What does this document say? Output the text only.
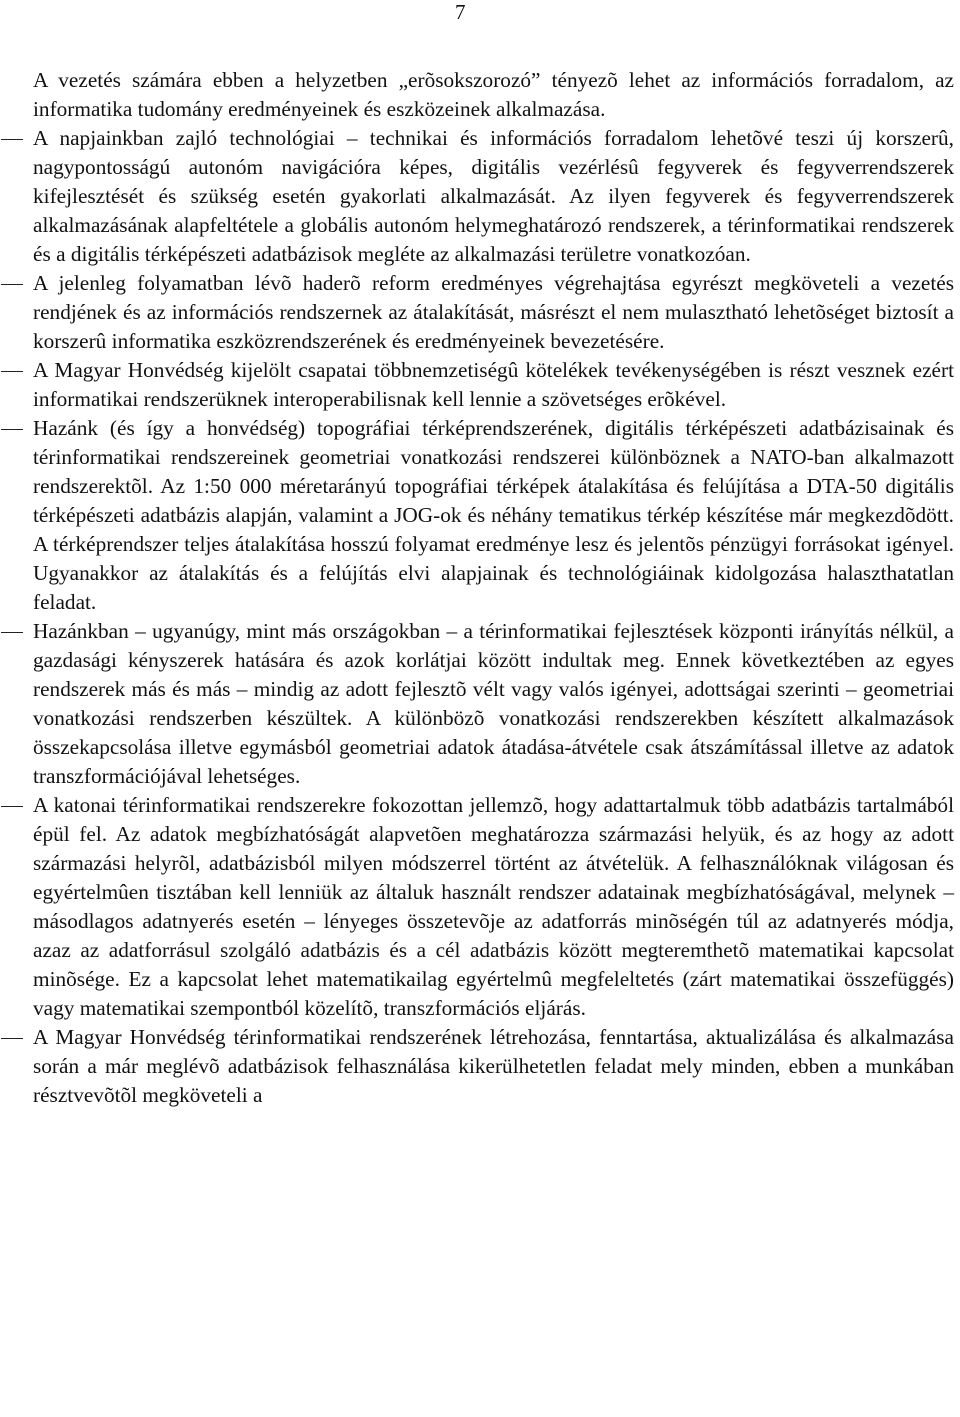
7

A vezetés számára ebben a helyzetben „erõsokszorozó” tényezõ lehet az információs forradalom, az informatika tudomány eredményeinek és eszközeinek alkalmazása.

A napjainkban zajló technológiai – technikai és információs forradalom lehetõvé teszi új korszerû, nagypontosságú autonóm navigációra képes, digitális vezérlésû fegyverek és fegyverrendszerek kifejlesztését és szükség esetén gyakorlati alkalmazását. Az ilyen fegyverek és fegyverrendszerek alkalmazásának alapfeltétele a globális autonóm helymeghatározó rendszerek, a térinformatikai rendszerek és a digitális térképészeti adatbázisok megléte az alkalmazási területre vonatkozóan.

A jelenleg folyamatban lévõ haderõ reform eredményes végrehajtása egyrészt megköveteli a vezetés rendjének és az információs rendszernek az átalakítását, másrészt el nem mulasztható lehetõséget biztosít a korszerû informatika eszközrendszerének és eredményeinek bevezetésére.

A Magyar Honvédség kijelölt csapatai többnemzetiségû kötelékek tevékenységében is részt vesznek ezért informatikai rendszerüknek interoperabilisnak kell lennie a szövetséges erõkével.

Hazánk (és így a honvédség) topográfiai térképrendszerének, digitális térképészeti adatbázisainak és térinformatikai rendszereinek geometriai vonatkozási rendszerei különböznek a NATO-ban alkalmazott rendszerektõl. Az 1:50 000 méretarányú topográfiai térképek átalakítása és felújítása a DTA-50 digitális térképészeti adatbázis alapján, valamint a JOG-ok és néhány tematikus térkép készítése már megkezdõdött. A térképrendszer teljes átalakítása hosszú folyamat eredménye lesz és jelentõs pénzügyi forrásokat igényel. Ugyanakkor az átalakítás és a felújítás elvi alapjainak és technológiáinak kidolgozása halaszthatatlan feladat.

Hazánkban – ugyanúgy, mint más országokban – a térinformatikai fejlesztések központi irányítás nélkül, a gazdasági kényszerek hatására és azok korlátjai között indultak meg. Ennek következtében az egyes rendszerek más és más – mindig az adott fejlesztõ vélt vagy valós igényei, adottságai szerinti – geometriai vonatkozási rendszerben készültek. A különbözõ vonatkozási rendszerekben készített alkalmazások összekapcsolása illetve egymásból geometriai adatok átadása-átvétele csak átszámítással illetve az adatok transzformációjával lehetséges.

A katonai térinformatikai rendszerekre fokozottan jellemzõ, hogy adattartalmuk több adatbázis tartalmából épül fel. Az adatok megbízhatóságát alapvetõen meghatározza származási helyük, és az hogy az adott származási helyrõl, adatbázisból milyen módszerrel történt az átvételük. A felhasználóknak világosan és egyértelmûen tisztában kell lenniük az általuk használt rendszer adatainak megbízhatóságával, melynek – másodlagos adatnyerés esetén – lényeges összetevõje az adatforrás minõségén túl az adatnyerés módja, azaz az adatforrásul szolgáló adatbázis és a cél adatbázis között megteremthetõ matematikai kapcsolat minõsége. Ez a kapcsolat lehet matematikailag egyértelmû megfeleltetés (zárt matematikai összefüggés) vagy matematikai szempontból közelítõ, transzformációs eljárás.

A Magyar Honvédség térinformatikai rendszerének létrehozása, fenntartása, aktualizálása és alkalmazása során a már meglévõ adatbázisok felhasználása kikerülhetetlen feladat mely minden, ebben a munkában résztvevõtõl megköveteli a
